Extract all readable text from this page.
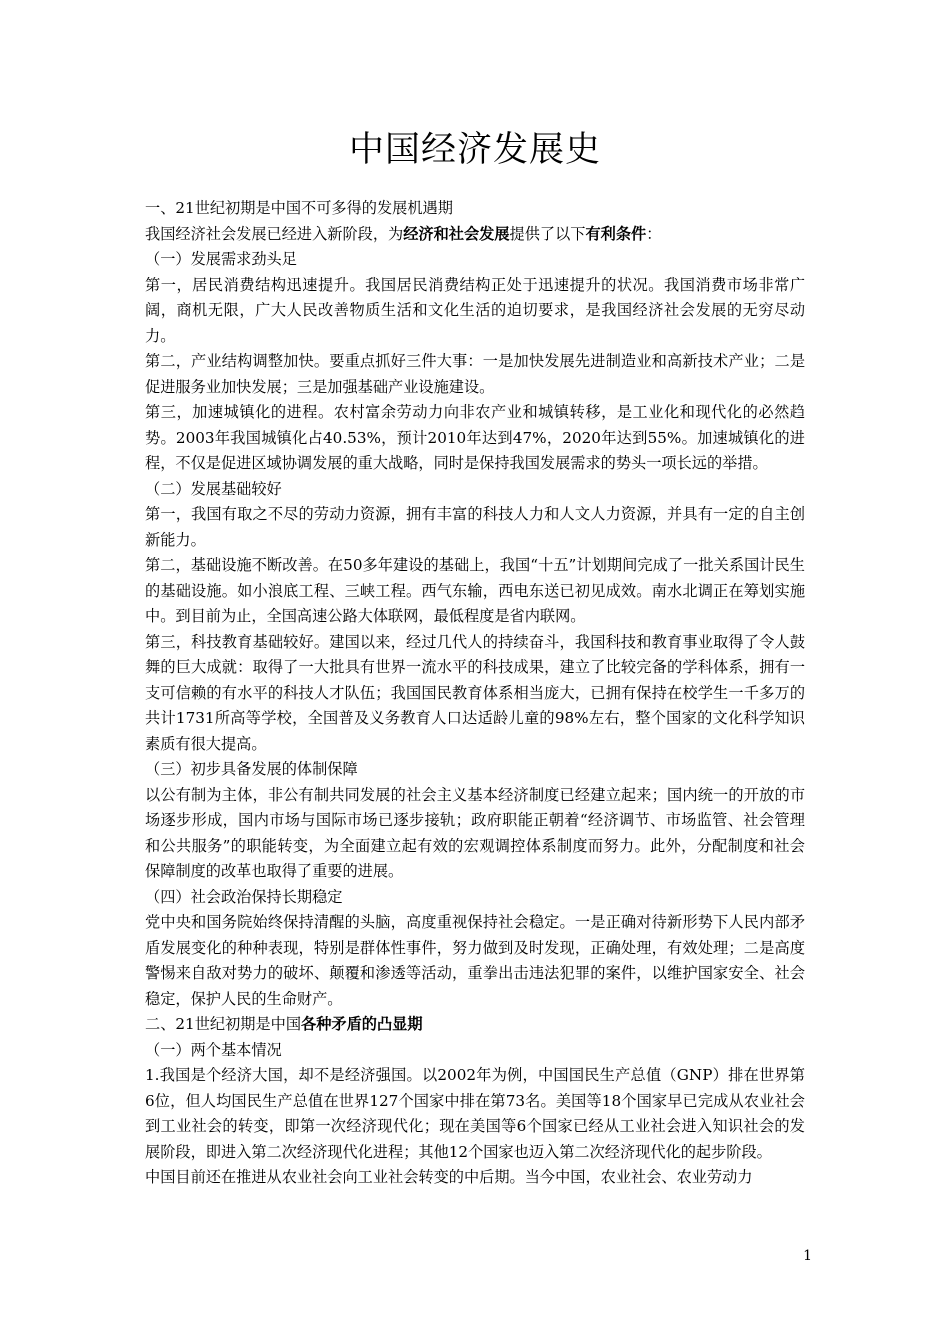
中国经济发展史

一、21世纪初期是中国不可多得的发展机遇期

我国经济社会发展已经进入新阶段，为经济和社会发展提供了以下有利条件：

（一）发展需求劲头足

第一，居民消费结构迅速提升。我国居民消费结构正处于迅速提升的状况。我国消费市场非常广阔，商机无限，广大人民改善物质生活和文化生活的迫切要求，是我国经济社会发展的无穷尽动力。

第二，产业结构调整加快。要重点抓好三件大事：一是加快发展先进制造业和高新技术产业；二是促进服务业加快发展；三是加强基础产业设施建设。

第三，加速城镇化的进程。农村富余劳动力向非农产业和城镇转移，是工业化和现代化的必然趋势。2003年我国城镇化占40.53%，预计2010年达到47%，2020年达到55%。加速城镇化的进程，不仅是促进区域协调发展的重大战略，同时是保持我国发展需求的势头一项长远的举措。

（二）发展基础较好

第一，我国有取之不尽的劳动力资源，拥有丰富的科技人力和人文人力资源，并具有一定的自主创新能力。

第二，基础设施不断改善。在50多年建设的基础上，我国“十五”计划期间完成了一批关系国计民生的基础设施。如小浪底工程、三峡工程。西气东输，西电东送已初见成效。南水北调正在筹划实施中。到目前为止，全国高速公路大体联网，最低程度是省内联网。

第三，科技教育基础较好。建国以来，经过几代人的持续奋斗，我国科技和教育事业取得了令人鼓舞的巨大成就：取得了一大批具有世界一流水平的科技成果，建立了比较完备的学科体系，拥有一支可信赖的有水平的科技人才队伍；我国国民教育体系相当庞大，已拥有保持在校学生一千多万的共计1731所高等学校，全国普及义务教育人口达适龄儿童的98%左右，整个国家的文化科学知识素质有很大提高。

（三）初步具备发展的体制保障

以公有制为主体，非公有制共同发展的社会主义基本经济制度已经建立起来；国内统一的开放的市场逐步形成，国内市场与国际市场已逐步接轨；政府职能正朝着“经济调节、市场监管、社会管理和公共服务”的职能转变，为全面建立起有效的宏观调控体系制度而努力。此外，分配制度和社会保障制度的改革也取得了重要的进展。

（四）社会政治保持长期稳定

党中央和国务院始终保持清醒的头脑，高度重视保持社会稳定。一是正确对待新形势下人民内部矛盾发展变化的种种表现，特别是群体性事件，努力做到及时发现，正确处理，有效处理；二是高度警惕来自敌对势力的破坏、颠覆和渗透等活动，重拳出击违法犯罪的案件，以维护国家安全、社会稳定，保护人民的生命财产。

二、21世纪初期是中国各种矛盾的凸显期

（一）两个基本情况

1.我国是个经济大国，却不是经济强国。以2002年为例，中国国民生产总值（GNP）排在世界第6位，但人均国民生产总值在世界127个国家中排在第73名。美国等18个国家早已完成从农业社会到工业社会的转变，即第一次经济现代化；现在美国等6个国家已经从工业社会进入知识社会的发展阶段，即进入第二次经济现代化进程；其他12个国家也迈入第二次经济现代化的起步阶段。

中国目前还在推进从农业社会向工业社会转变的中后期。当今中国，农业社会、农业劳动力

1
